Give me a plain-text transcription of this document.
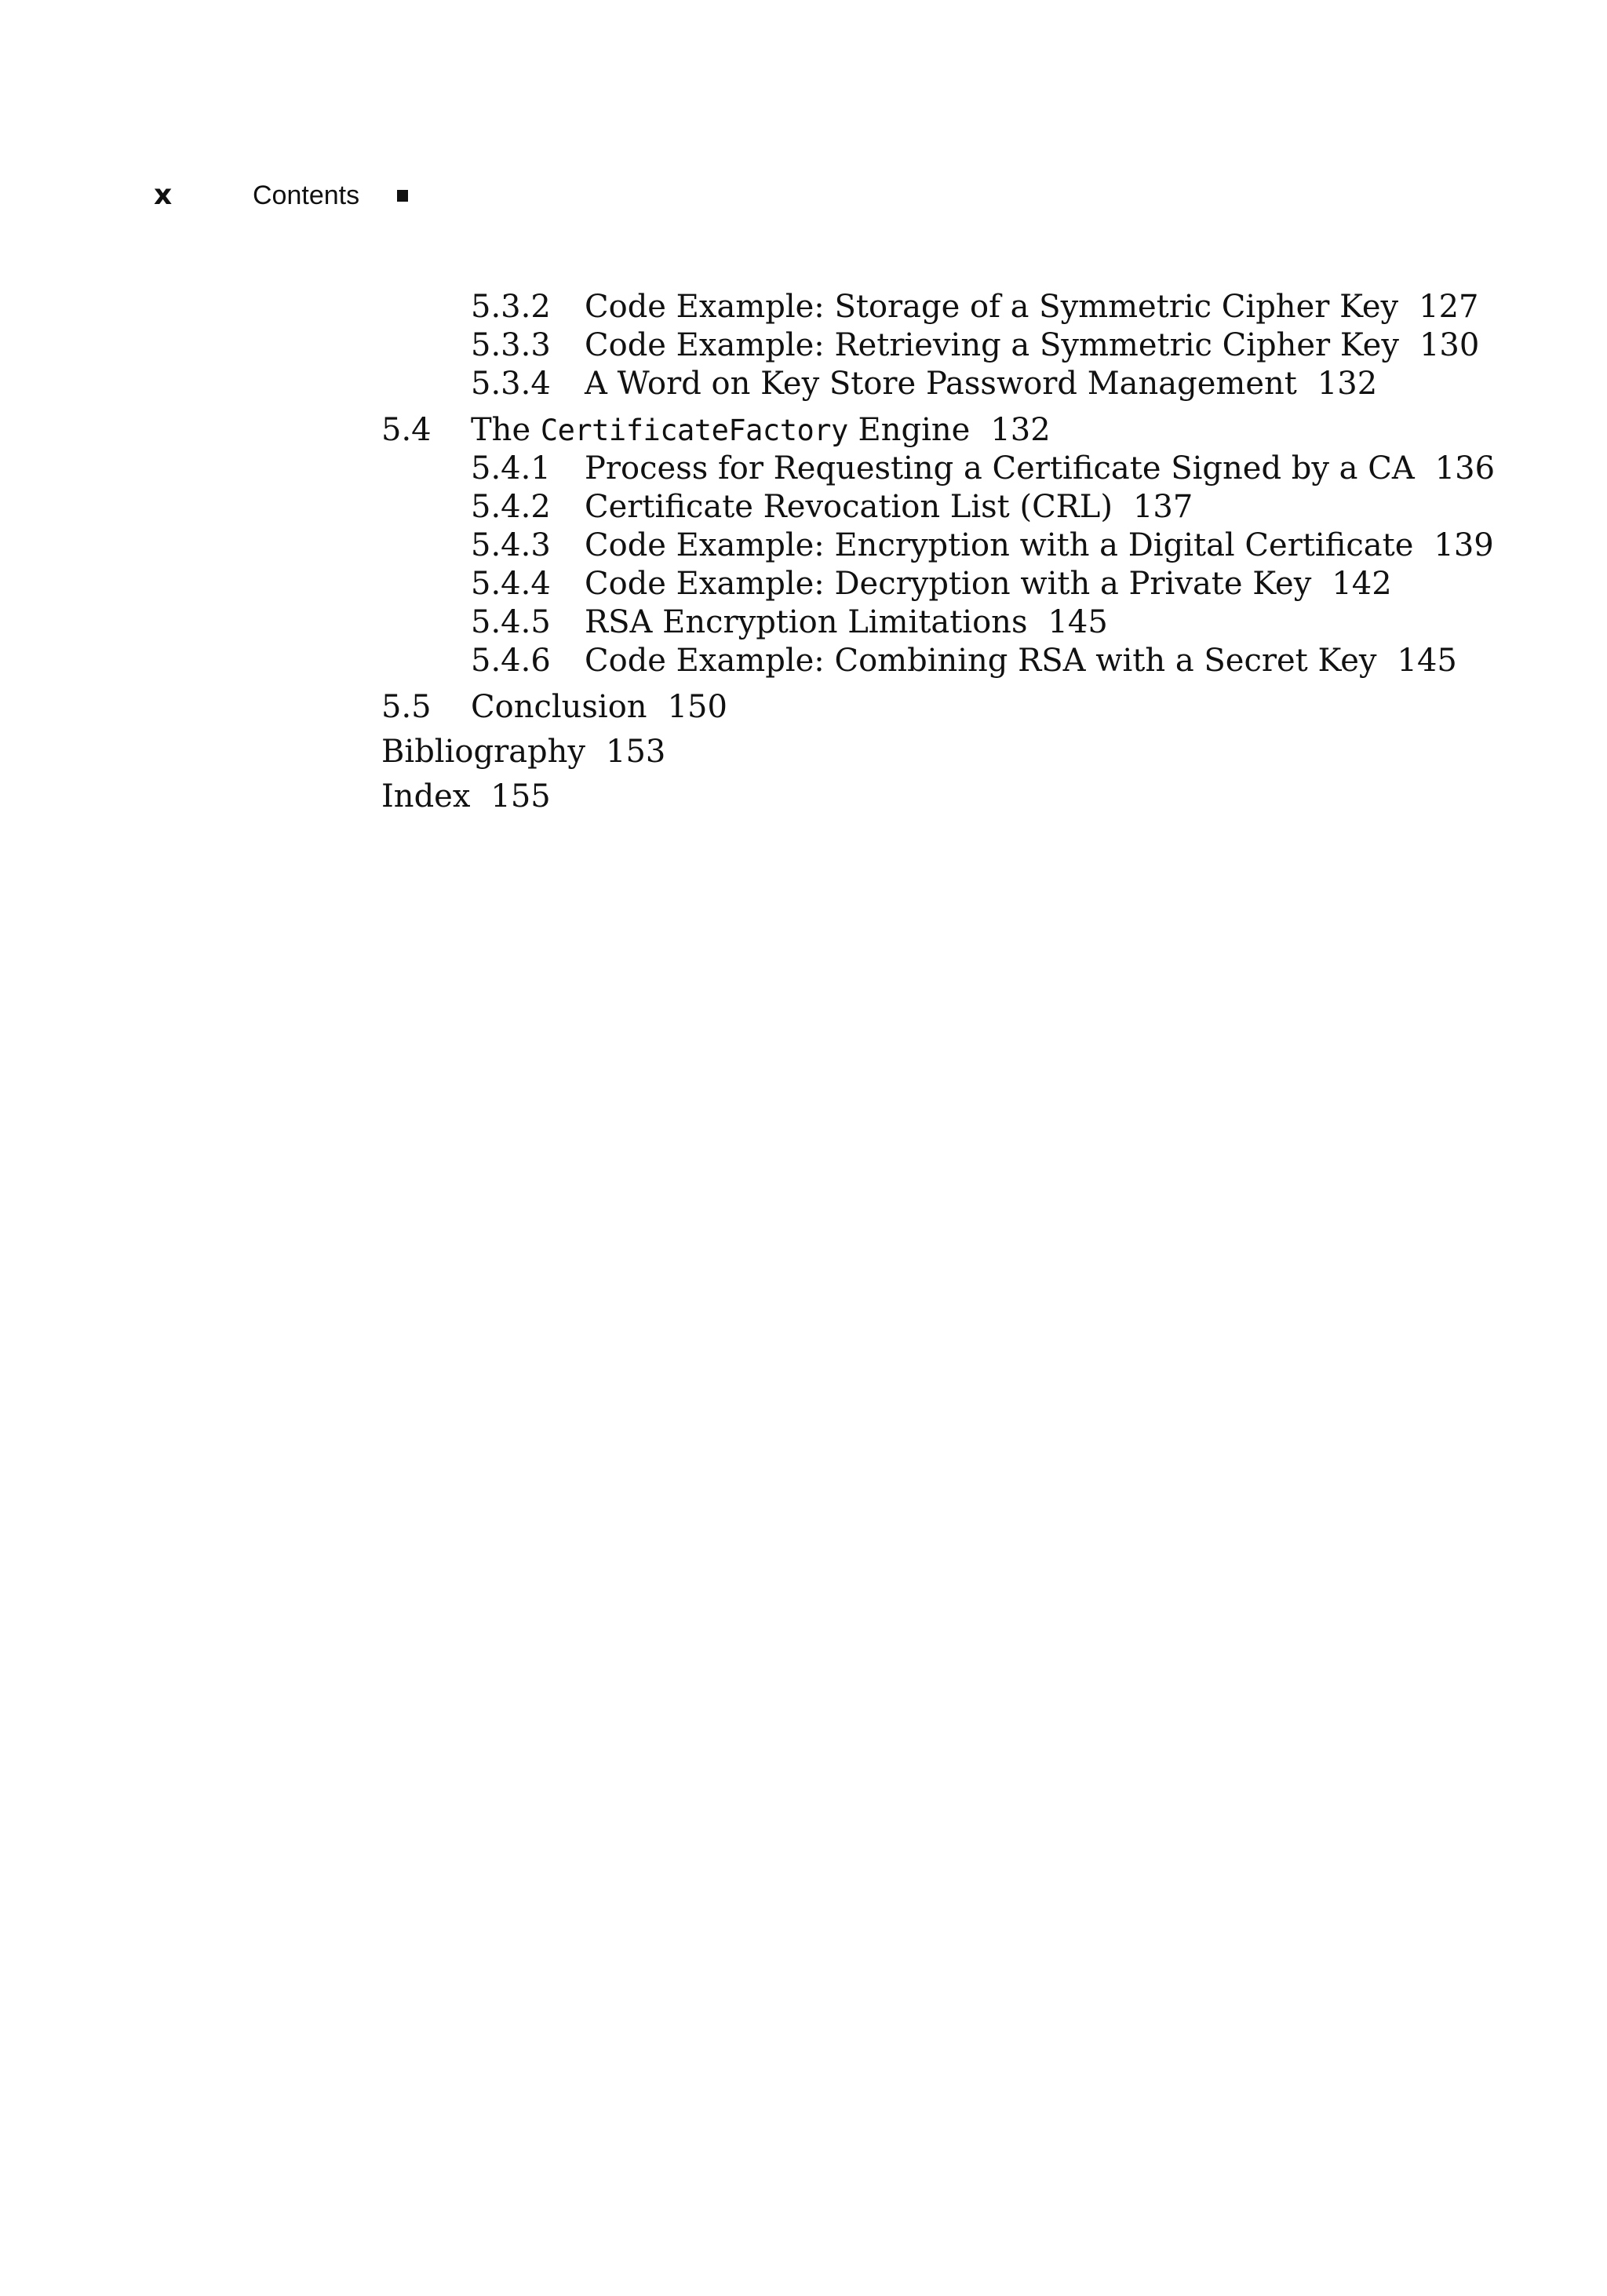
x	Contents
5.3.2 Code Example: Storage of a Symmetric Cipher Key 127
5.3.3 Code Example: Retrieving a Symmetric Cipher Key 130
5.3.4 A Word on Key Store Password Management 132
5.4 The CertificateFactory Engine 132
5.4.1 Process for Requesting a Certificate Signed by a CA 136
5.4.2 Certificate Revocation List (CRL) 137
5.4.3 Code Example: Encryption with a Digital Certificate 139
5.4.4 Code Example: Decryption with a Private Key 142
5.4.5 RSA Encryption Limitations 145
5.4.6 Code Example: Combining RSA with a Secret Key 145
5.5 Conclusion 150
Bibliography 153
Index 155
